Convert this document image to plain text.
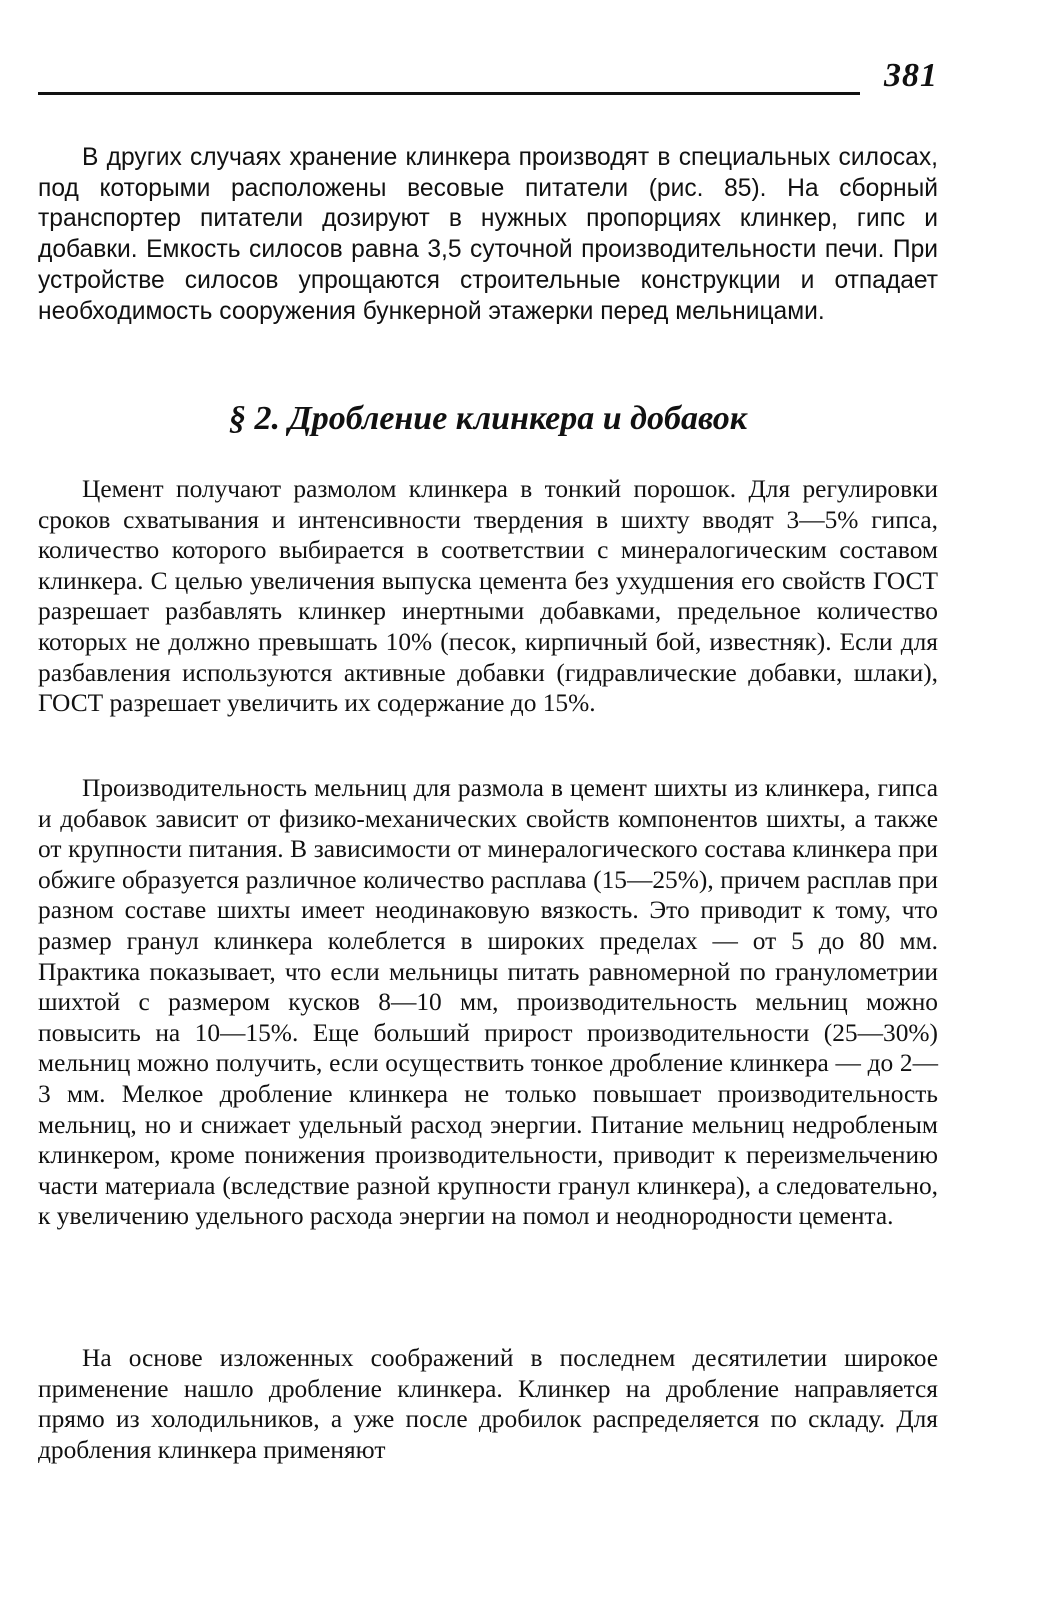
381

В других случаях хранение клинкера производят в специальных силосах, под которыми расположены весовые питатели (рис. 85). На сборный транспортер питатели дозируют в нужных пропорциях клинкер, гипс и добавки. Емкость силосов равна 3,5 суточной производительности печи. При устройстве силосов упрощаются строительные конструкции и отпадает необходимость сооружения бункерной этажерки перед мельницами.

§ 2. Дробление клинкера и добавок

Цемент получают размолом клинкера в тонкий порошок. Для регулировки сроков схватывания и интенсивности твердения в шихту вводят 3—5% гипса, количество которого выбирается в соответствии с минералогическим составом клинкера. С целью увеличения выпуска цемента без ухудшения его свойств ГОСТ разрешает разбавлять клинкер инертными добавками, предельное количество которых не должно превышать 10% (песок, кирпичный бой, известняк). Если для разбавления используются активные добавки (гидравлические добавки, шлаки), ГОСТ разрешает увеличить их содержание до 15%.

Производительность мельниц для размола в цемент шихты из клинкера, гипса и добавок зависит от физико-механических свойств компонентов шихты, а также от крупности питания. В зависимости от минералогического состава клинкера при обжиге образуется различное количество расплава (15—25%), причем расплав при разном составе шихты имеет неодинаковую вязкость. Это приводит к тому, что размер гранул клинкера колеблется в широких пределах — от 5 до 80 мм. Практика показывает, что если мельницы питать равномерной по гранулометрии шихтой с размером кусков 8—10 мм, производительность мельниц можно повысить на 10—15%. Еще больший прирост производительности (25—30%) мельниц можно получить, если осуществить тонкое дробление клинкера — до 2—3 мм. Мелкое дробление клинкера не только повышает производительность мельниц, но и снижает удельный расход энергии. Питание мельниц недробленым клинкером, кроме понижения производительности, приводит к переизмельчению части материала (вследствие разной крупности гранул клинкера), а следовательно, к увеличению удельного расхода энергии на помол и неоднородности цемента.

На основе изложенных соображений в последнем десятилетии широкое применение нашло дробление клинкера. Клинкер на дробление направляется прямо из холодильников, а уже после дробилок распределяется по складу. Для дробления клинкера применяют
